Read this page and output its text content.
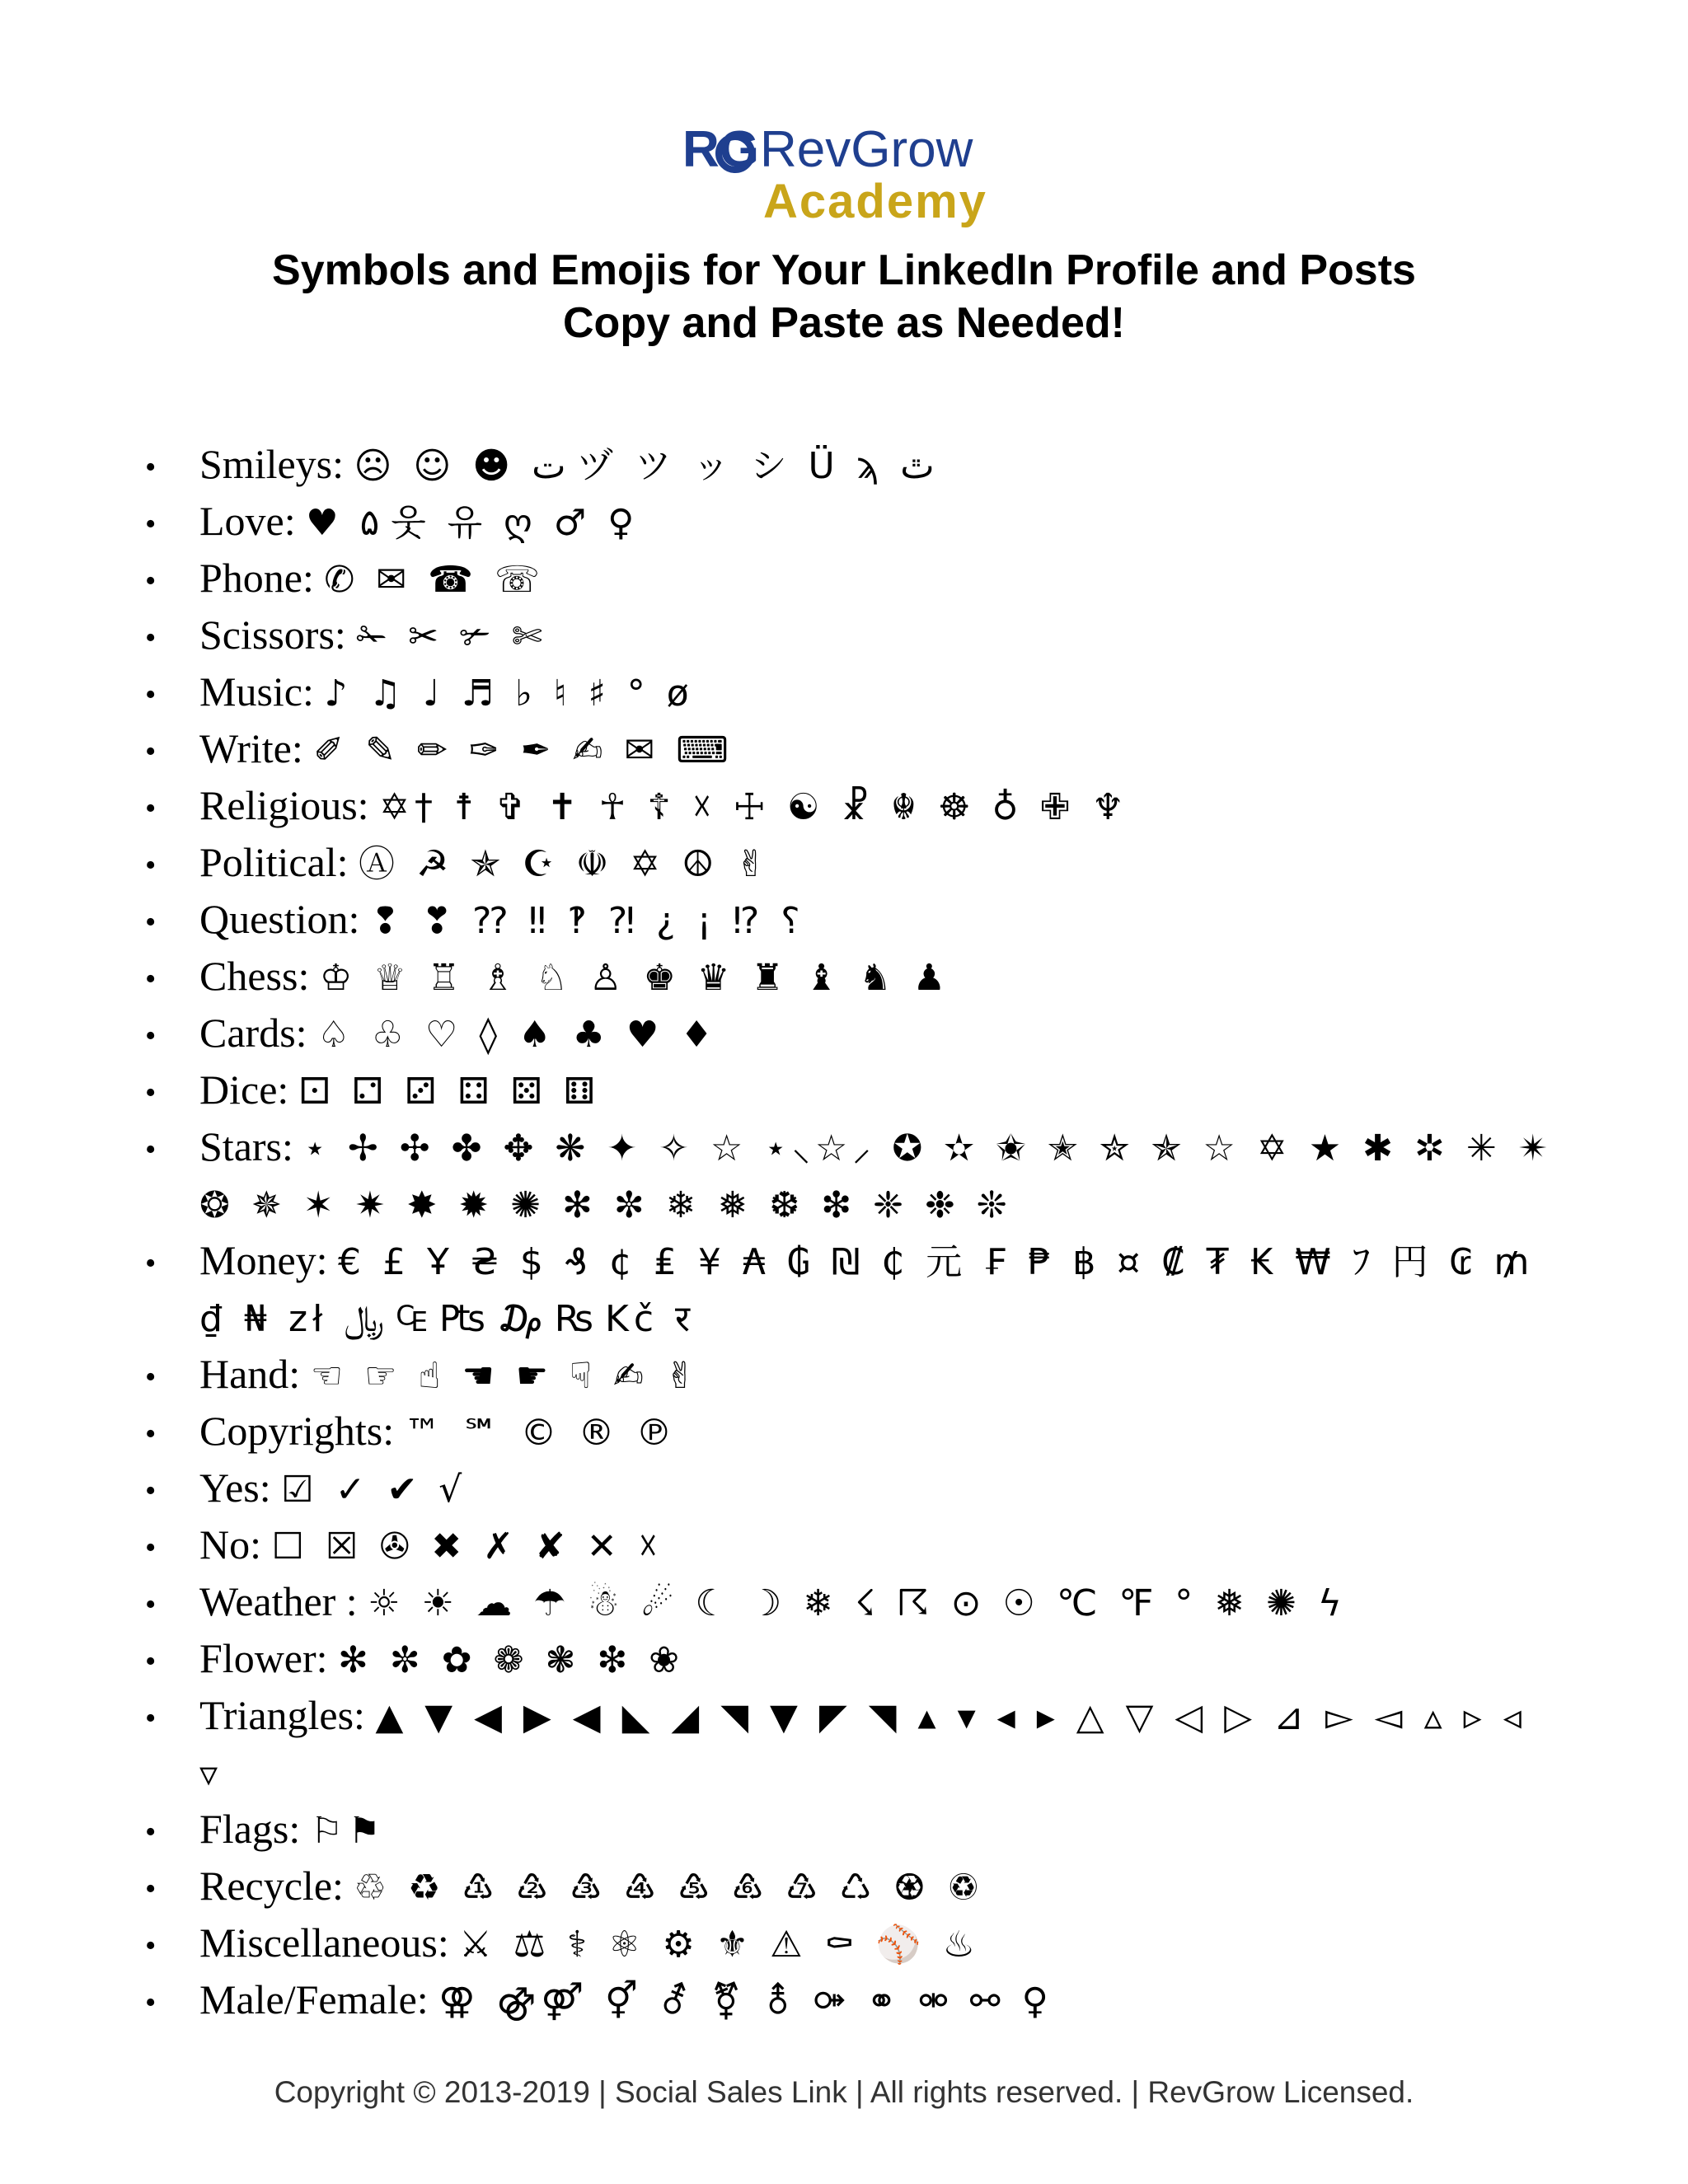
RG RevGrow
Academy
Symbols and Emojis for Your LinkedIn Profile and Posts
Copy and Paste as Needed!
• Smileys: ☹ ☺ ☻ ت ヅ ツ ッ シ Ü ϡ ﭢ
• Love: ♥ ۵ 웃 유 ღ ♂ ♀
• Phone: ✆ ✉ ☎ ☏
• Scissors: ✁ ✂ ✃ ✄
• Music: ♪ ♫ ♩ ♬ ♭ ♮ ♯ ° ø
• Write: ✐ ✎ ✏ ✑ ✒ ✍ ✉ ⌨
• Religious: ✡† ☨ ✞ ✝ ☥ ☦ ☓ ☩ ☯ ☧ ☬ ☸ ♁ ✙ ♆
• Political: Ⓐ ☭ ✯ ☪ ☫ ✡ ☮ ✌
• Question: ❢ ❣ ⁇ ‼ ‽ ⁈ ¿ ¡ ⁉ ⸮
• Chess: ♔ ♕ ♖ ♗ ♘ ♙ ♚ ♛ ♜ ♝ ♞ ♟
• Cards: ♤ ♧ ♡ ◊ ♠ ♣ ♥ ♦
• Dice: ⚀ ⚁ ⚂ ⚃ ⚄ ⚅
• Stars: ⋆ ✢ ✣ ✤ ✥ ❋ ✦ ✧ ☆ ⋆⸜☆⸝ ✪ ✫ ✬ ✭ ✮ ✯ ☆ ✡ ★ ✱ ✲ ✳ ✴ ❂ ✵ ✶ ✷ ✸ ✹ ✺ ✻ ✼ ❄ ❅ ❆ ❇ ❈ ❉ ❊
• Money: € £ Ұ ₴ $ ₰ ¢ ₤ ¥ ₳ ₲ ₪ ₵ 元 ₣ ₱ ฿ ¤ ₡ ₮ ₭ ₩ ﾌ 円 ₢ ₥ ₫ ₦ zł ﷼ ₠ ₧ ₯ ₨ Kč र
• Hand: ☜ ☞ ☝ ☚ ☛ ☟ ✍ ✌
• Copyrights: ™ ℠ © ® ℗
• Yes: ☑ ✓ ✔ √
• No: ☐ ☒ ✇ ✖ ✗ ✘ ✕ ☓
• Weather : ☼ ☀ ☁ ☂ ☃ ☄ ☾ ☽ ❄ ☇ ☈ ⊙ ☉ ℃ ℉ ° ❅ ✺ ϟ
• Flower: ✻ ✼ ✿ ❁ ❃ ❇ ❀
• Triangles: ▲ ▼ ◀ ▶ ◀ ◣ ◢ ◥ ▼ ◤ ◥ ▴ ▾ ◂ ▸ △ ▽ ◁ ▷ ⊿ ▻ ◅ ▵ ▹ ◃ ▿
• Flags: ⚐⚑
• Recycle: ♲ ♻ ♳ ♴ ♵ ♶ ♷ ♸ ♹ ♺ ♼ ♽
• Miscellaneous: ⚔ ⚖ ⚕ ⚛ ⚙ ⚜ ⚠ ⚰ ⚾ ♨
• Male/Female: ⚢ ⚣⚤ ⚥ ⚦ ⚧ ⚨ ⚩ ⚭ ⚮ ⚯ ♀
Copyright © 2013-2019 | Social Sales Link | All rights reserved. | RevGrow Licensed.
